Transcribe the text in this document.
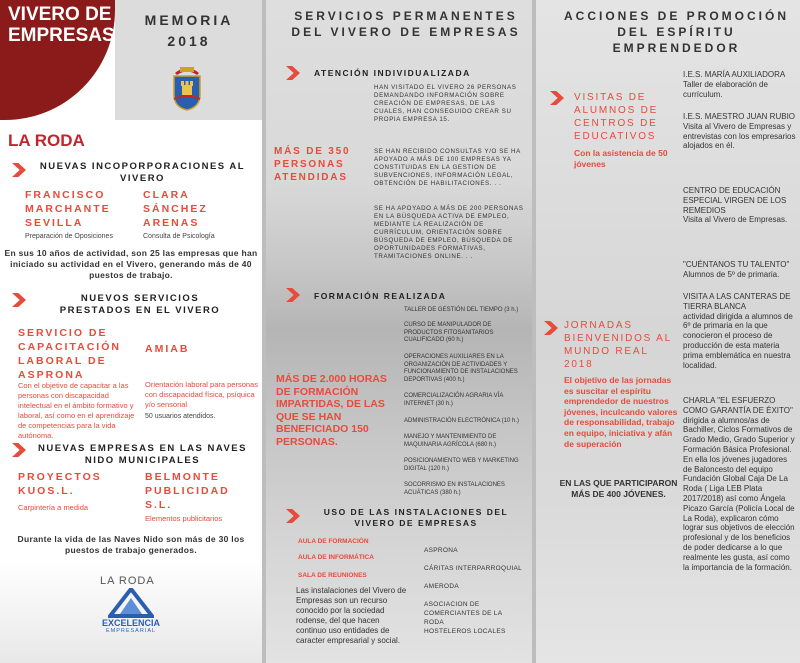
VIVERO DE EMPRESAS
MEMORIA 2018
LA RODA
NUEVAS INCOPORPORACIONES AL VIVERO
FRANCISCO MARCHANTE SEVILLA
Preparación de Oposiciones
CLARA SÁNCHEZ ARENAS
Consulta de Psicología
En sus 10 años de actividad, son 25 las empresas que han iniciado su actividad en el Vivero, generando más de 40 puestos de trabajo.
NUEVOS SERVICIOS PRESTADOS EN EL VIVERO
SERVICIO DE CAPACITACIÓN LABORAL DE ASPRONA
Con el objetivo de capacitar a las personas con discapacidad intelectual en el ámbito formativo y laboral, así como en el aprendizaje de competencias para la vida autónoma.
AMIAB
Orientación laboral para personas con discapacidad física, psíquica y/o sensorial
50 usuarios atendidos.
NUEVAS EMPRESAS EN LAS NAVES NIDO MUNICIPALES
PROYECTOS KUOS.L.
Carpintería a medida
BELMONTE PUBLICIDAD S.L.
Elementos publicitarios
Durante la vida de las Naves Nido son más de 30 los puestos de trabajo generados.
LA RODA
EXCELENCIA
EMPRESARIAL
SERVICIOS PERMANENTES DEL VIVERO DE EMPRESAS
ATENCIÓN INDIVIDUALIZADA
HAN VISITADO EL VIVERO 26 PERSONAS DEMANDANDO INFORMACIÓN SOBRE CREACIÓN DE EMPRESAS, DE LAS CUALES, HAN CONSEGUIDO CREAR SU PROPIA EMPRESA 15.
MÁS DE 350 PERSONAS ATENDIDAS
SE HAN RECIBIDO CONSULTAS Y/O SE HA APOYADO A MÁS DE 100 EMPRESAS YA CONSTITUIDAS EN LA GESTION DE SUBVENCIONES, INFORMACIÓN LEGAL, OBTENCIÓN DE HABILITACIONES. . .
SE HA APOYADO A MÁS DE 200 PERSONAS EN LA BÚSQUEDA ACTIVA DE EMPLEO, MEDIANTE LA REALIZACIÓN DE CURRÍCULUM, ORIENTACIÓN SOBRE BÚSQUEDA DE EMPLEO, BÚSQUEDA DE OPORTUNIDADES FORMATIVAS, TRAMITACIONES ONLINE. . .
FORMACIÓN REALIZADA
TALLER DE GESTIÓN DEL TIEMPO (3 h.)
CURSO DE MANIPULADOR DE PRODUCTOS FITOSANITARIOS CUALIFICADO (60 h.)
OPERACIONES AUXILIARES EN LA ORGANIZACIÓN DE ACTIVIDADES Y FUNCIONAMIENTO DE INSTALACIONES DEPORTIVAS (400 h.)
COMERCIALIZACIÓN AGRARIA VÍA INTERNET (30 h.)
ADMINISTRACIÓN ELECTRÓNICA (10 h.)
MANEJO Y MANTENIMIENTO DE MAQUINARIA AGRÍCOLA (680 h.)
POSICIONAMIENTO WEB Y MARKETING DIGITAL (120 h.)
SOCORRISMO EN INSTALACIONES ACUÁTICAS (380 h.)
MÁS DE 2.000 HORAS DE FORMACIÓN IMPARTIDAS, DE LAS QUE SE HAN BENEFICIADO 150 PERSONAS.
USO DE LAS INSTALACIONES DEL VIVERO DE EMPRESAS
AULA DE FORMACIÓN
AULA DE INFORMÁTICA
SALA DE REUNIONES
ASPRONA
CÁRITAS INTERPARROQUIAL
AMERODA
ASOCIACION DE COMERCIANTES DE LA RODA
HOSTELEROS LOCALES
Las instalaciones del Vivero de Empresas son un recurso conocido por la sociedad rodense, del que hacen continuo uso entidades de caracter empresarial y social.
ACCIONES DE PROMOCIÓN DEL ESPÍRITU EMPRENDEDOR
VISITAS DE ALUMNOS DE CENTROS DE EDUCATIVOS
Con la asistencia de 50 jóvenes
JORNADAS BIENVENIDOS AL MUNDO REAL 2018
El objetivo de las jornadas es suscitar el espíritu emprendedor de nuestros jóvenes, inculcando valores de responsabilidad, trabajo en equipo, iniciativa y afán de superación
EN LAS QUE PARTICIPARON MÁS DE 400 JÓVENES.
I.E.S. MARÍA AUXILIADORA
Taller de elaboración de currículum.
I.E.S. MAESTRO JUAN RUBIO
Visita al Vivero de Empresas y entrevistas con los empresarios alojados en él.
CENTRO DE EDUCACIÓN ESPECIAL VIRGEN DE LOS REMEDIOS
Visita al Vivero de Empresas.
"CUÉNTANOS TU TALENTO"
Alumnos de 5º de primaria.
VISITA A LAS CANTERAS DE TIERRA BLANCA
actividad dirigida a alumnos de 6º de primaria en la que conocieron el proceso de producción de esta materia prima emblemática en nuestra localidad.
CHARLA "EL ESFUERZO COMO GARANTÍA DE ÉXITO"
dirigida a alumnos/as de Bachiller, Ciclos Formativos de Grado Medio, Grado Superior y Formación Básica Profesional.
En ella los jóvenes jugadores de Baloncesto del equipo Fundación Global Caja De La Roda ( Liga LEB Plata 2017/2018) así como Ángela Picazo García (Policía Local de La Roda), explicaron cómo lograr sus objetivos de elección profesional y de los beneficios de poder dedicarse a lo que realmente les gusta, así como la importancia de la formación.
